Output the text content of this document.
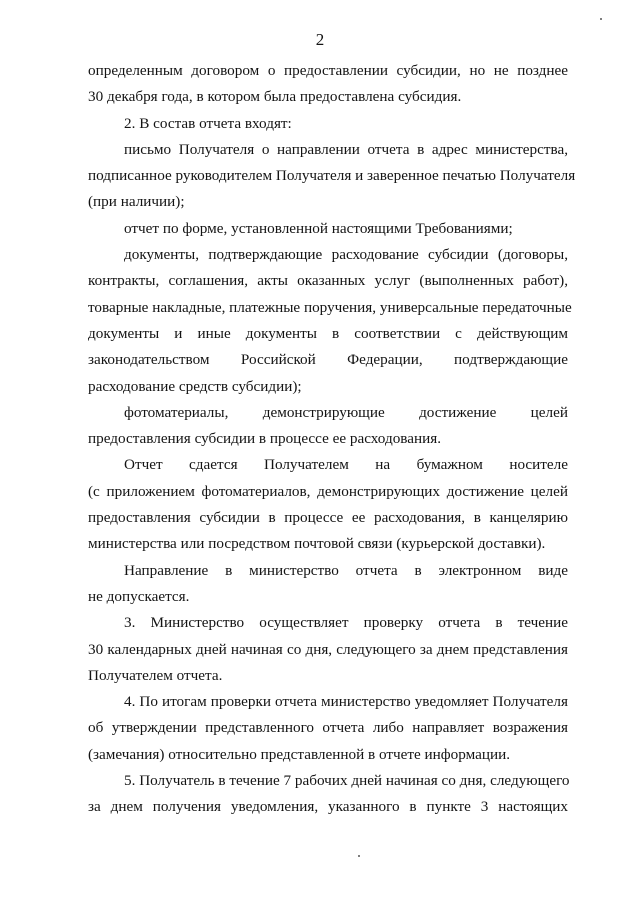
2
определенным договором о предоставлении субсидии, но не позднее
30 декабря года, в котором была предоставлена субсидия.
2. В состав отчета входят:
письмо Получателя о направлении отчета в адрес министерства,
подписанное руководителем Получателя и заверенное печатью Получателя
(при наличии);
отчет по форме, установленной настоящими Требованиями;
документы, подтверждающие расходование субсидии (договоры,
контракты, соглашения, акты оказанных услуг (выполненных работ),
товарные накладные, платежные поручения, универсальные передаточные
документы и иные документы в соответствии с действующим
законодательством Российской Федерации, подтверждающие
расходование средств субсидии);
фотоматериалы, демонстрирующие достижение целей
предоставления субсидии в процессе ее расходования.
Отчет сдается Получателем на бумажном носителе
(с приложением фотоматериалов, демонстрирующих достижение целей
предоставления субсидии в процессе ее расходования, в канцелярию
министерства или посредством почтовой связи (курьерской доставки).
Направление в министерство отчета в электронном виде
не допускается.
3. Министерство осуществляет проверку отчета в течение
30 календарных дней начиная со дня, следующего за днем представления
Получателем отчета.
4. По итогам проверки отчета министерство уведомляет Получателя
об утверждении представленного отчета либо направляет возражения
(замечания) относительно представленной в отчете информации.
5. Получатель в течение 7 рабочих дней начиная со дня, следующего
за днем получения уведомления, указанного в пункте 3 настоящих
